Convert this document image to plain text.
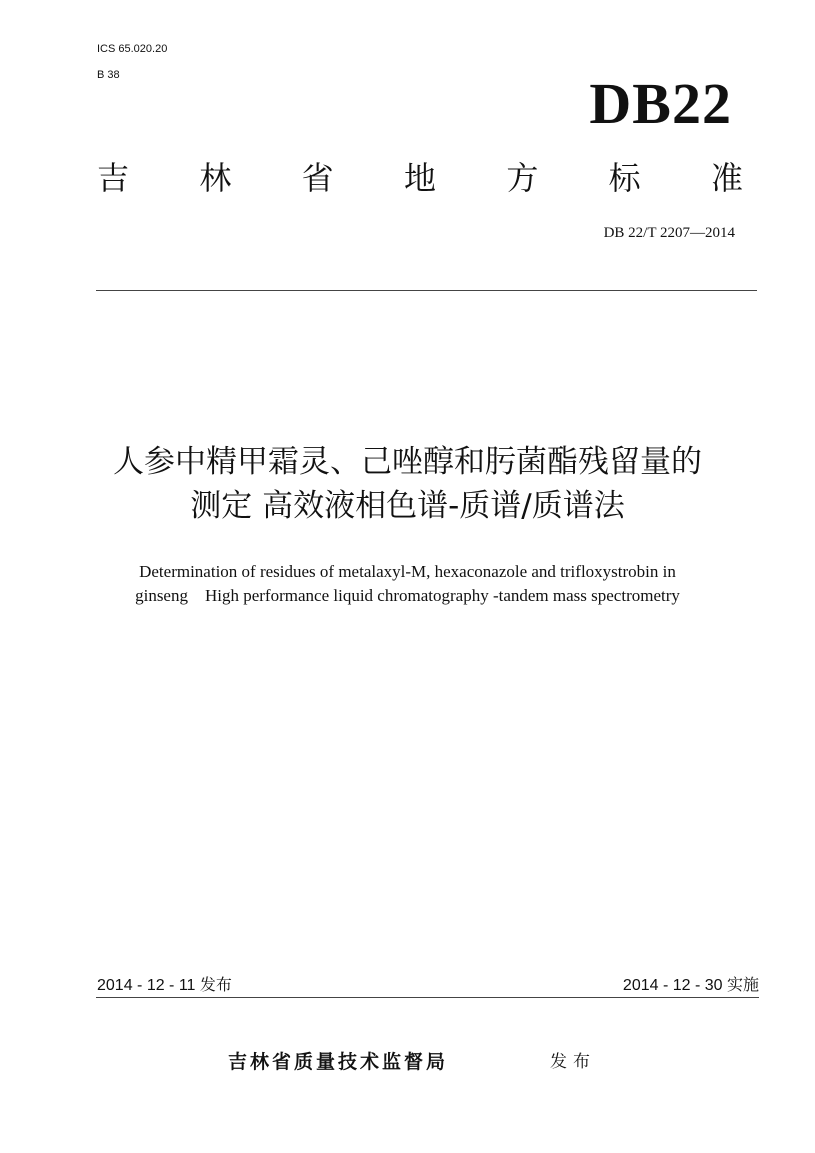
ICS 65.020.20
B 38	DB22
吉 林 省 地 方 标 准
DB 22/T 2207—2014
人参中精甲霜灵、己唑醇和肟菌酯残留量的
测定 高效液相色谱-质谱/质谱法
Determination of residues of metalaxyl-M, hexaconazole and trifloxystrobin in
ginseng    High performance liquid chromatography -tandem mass spectrometry
2014 - 12 - 11 发布	2014 - 12 - 30 实施
吉林省质量技术监督局	发布
